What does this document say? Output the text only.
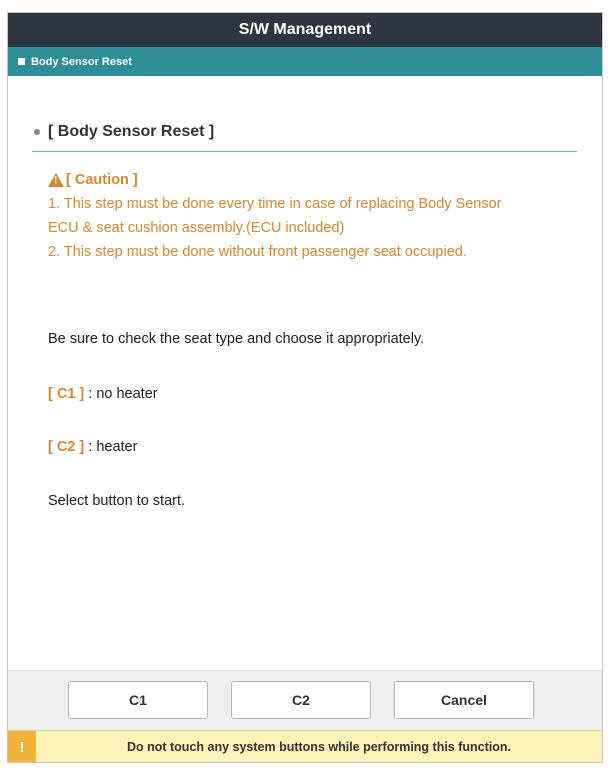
S/W Management
Body Sensor Reset
[ Body Sensor Reset ]
!
[ Caution ]
1. This step must be done every time in case of replacing Body Sensor
ECU & seat cushion assembly.(ECU included)
2. This step must be done without front passenger seat occupied.
Be sure to check the seat type and choose it appropriately.
[ C1 ] : no heater
[ C2 ] : heater
Select button to start.
C1	C2	Cancel
!	Do not touch any system buttons while performing this function.
